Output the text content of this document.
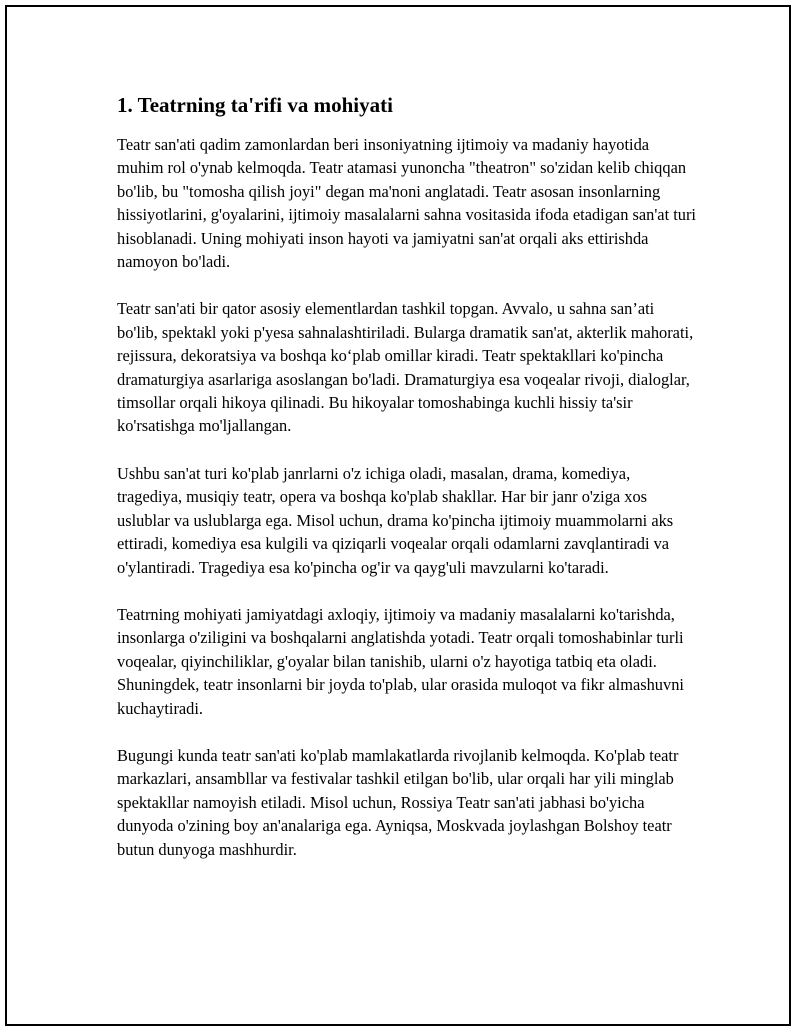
1. Teatrning ta'rifi va mohiyati

Teatr san'ati qadim zamonlardan beri insoniyatning ijtimoiy va madaniy hayotida muhim rol o'ynab kelmoqda. Teatr atamasi yunoncha "theatron" so'zidan kelib chiqqan bo'lib, bu "tomosha qilish joyi" degan ma'noni anglatadi. Teatr asosan insonlarning hissiyotlarini, g'oyalarini, ijtimoiy masalalarni sahna vositasida ifoda etadigan san'at turi hisoblanadi. Uning mohiyati inson hayoti va jamiyatni san'at orqali aks ettirishda namoyon bo'ladi.

Teatr san'ati bir qator asosiy elementlardan tashkil topgan. Avvalo, u sahna san’ati bo'lib, spektakl yoki p'yesa sahnalashtiriladi. Bularga dramatik san'at, akterlik mahorati, rejissura, dekoratsiya va boshqa ko‘plab omillar kiradi. Teatr spektakllari ko'pincha dramaturgiya asarlariga asoslangan bo'ladi. Dramaturgiya esa voqealar rivoji, dialoglar, timsollar orqali hikoya qilinadi. Bu hikoyalar tomoshabinga kuchli hissiy ta'sir ko'rsatishga mo'ljallangan.

Ushbu san'at turi ko'plab janrlarni o'z ichiga oladi, masalan, drama, komediya, tragediya, musiqiy teatr, opera va boshqa ko'plab shakllar. Har bir janr o'ziga xos uslublar va uslublarga ega. Misol uchun, drama ko'pincha ijtimoiy muammolarni aks ettiradi, komediya esa kulgili va qiziqarli voqealar orqali odamlarni zavqlantiradi va o'ylantiradi. Tragediya esa ko'pincha og'ir va qayg'uli mavzularni ko'taradi.

Teatrning mohiyati jamiyatdagi axloqiy, ijtimoiy va madaniy masalalarni ko'tarishda, insonlarga o'ziligini va boshqalarni anglatishda yotadi. Teatr orqali tomoshabinlar turli voqealar, qiyinchiliklar, g'oyalar bilan tanishib, ularni o'z hayotiga tatbiq eta oladi. Shuningdek, teatr insonlarni bir joyda to'plab, ular orasida muloqot va fikr almashuvni kuchaytiradi.

Bugungi kunda teatr san'ati ko'plab mamlakatlarda rivojlanib kelmoqda. Ko'plab teatr markazlari, ansambllar va festivalar tashkil etilgan bo'lib, ular orqali har yili minglab spektakllar namoyish etiladi. Misol uchun, Rossiya Teatr san'ati jabhasi bo'yicha dunyoda o'zining boy an'analariga ega. Ayniqsa, Moskvada joylashgan Bolshoy teatr butun dunyoga mashhurdir.
